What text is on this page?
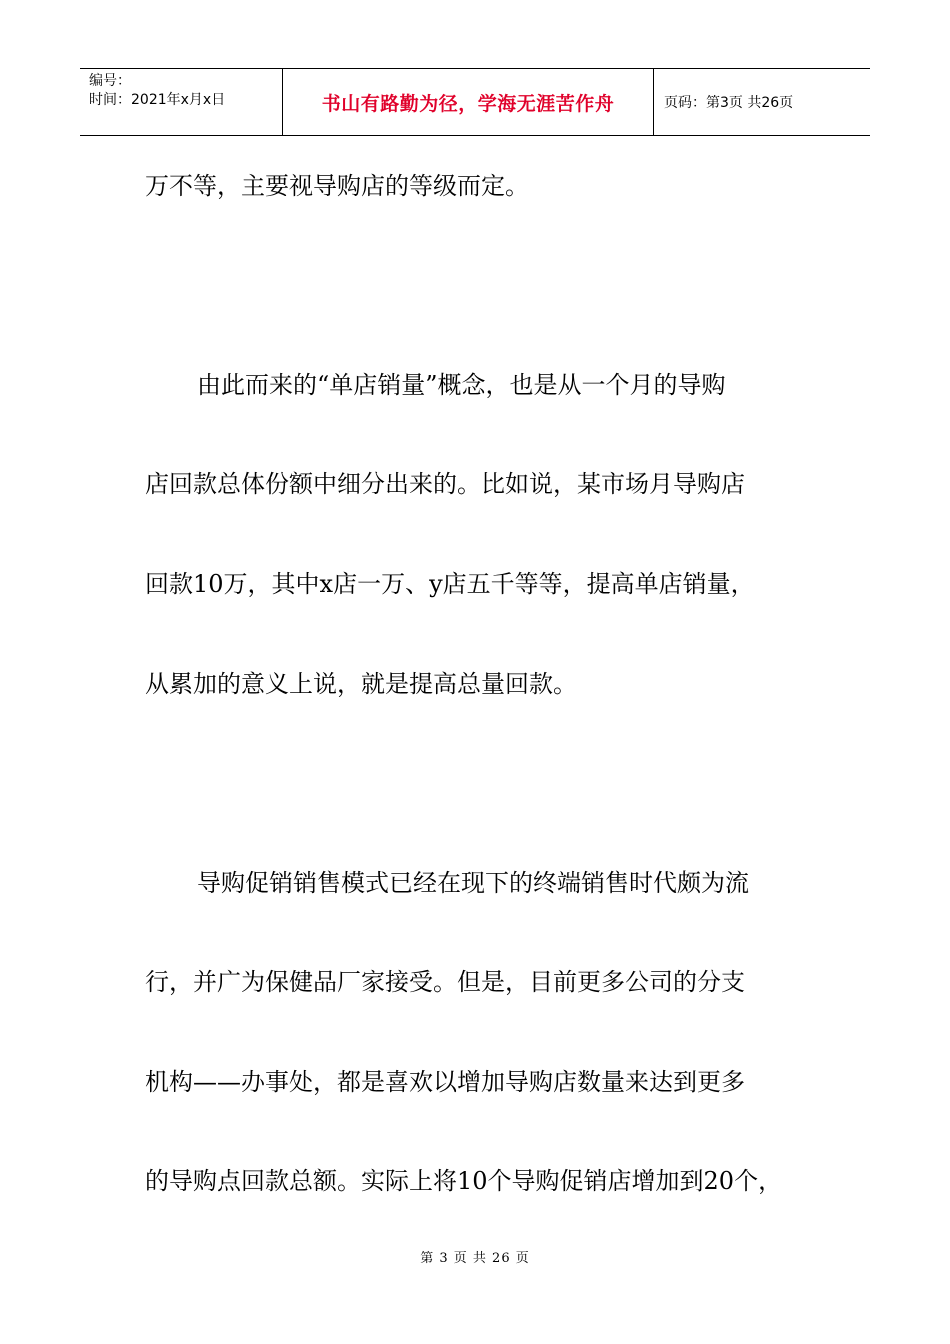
编号：
时间：2021年x月x日	书山有路勤为径，学海无涯苦作舟	页码：第3页 共26页
万不等，主要视导购店的等级而定。
由此而来的“单店销量”概念，也是从一个月的导购
店回款总体份额中细分出来的。比如说，某市场月导购店
回款10万，其中x店一万、y店五千等等，提高单店销量，
从累加的意义上说，就是提高总量回款。
导购促销销售模式已经在现下的终端销售时代颇为流
行，并广为保健品厂家接受。但是，目前更多公司的分支
机构——办事处，都是喜欢以增加导购店数量来达到更多
的导购点回款总额。实际上将10个导购促销店增加到20个，
第 3 页 共 26 页
